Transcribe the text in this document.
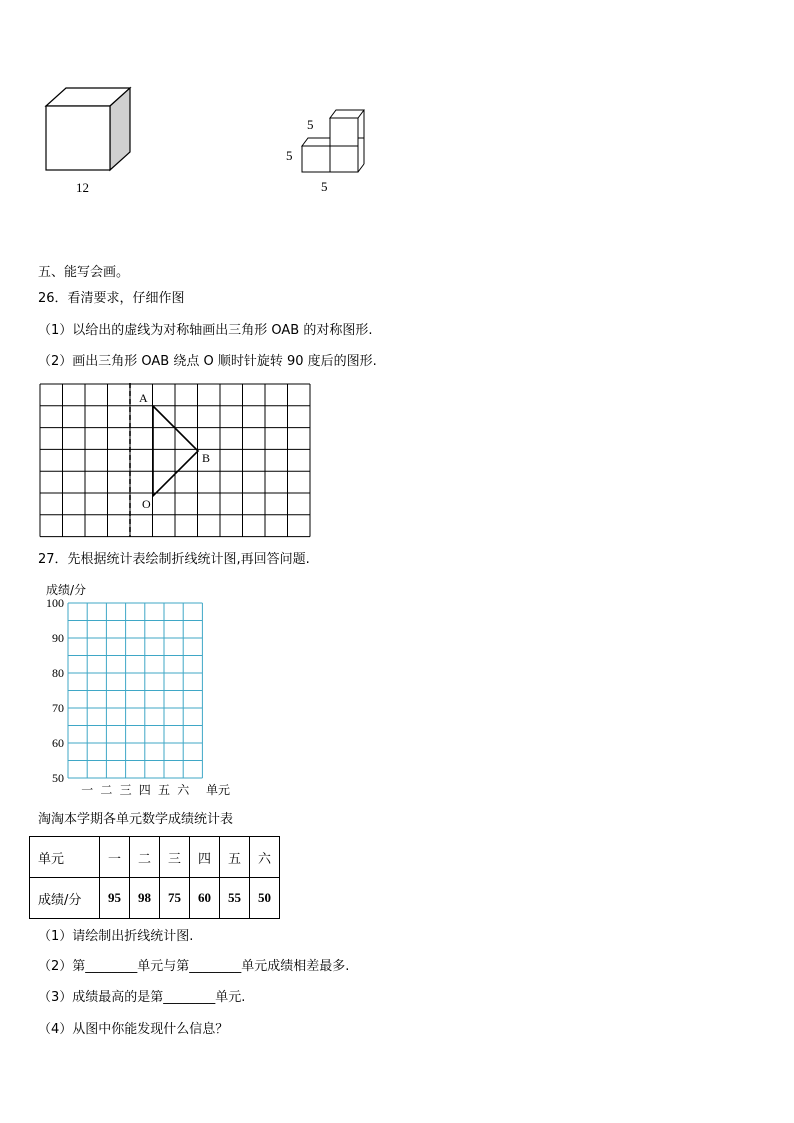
12
5
5
5
五、能写会画。
26．看清要求，仔细作图
（1）以给出的虚线为对称轴画出三角形 OAB 的对称图形.
（2）画出三角形 OAB 绕点 O 顺时针旋转 90 度后的图形.
A
B
O
27．先根据统计表绘制折线统计图,再回答问题.
成绩/分
100
90
80
70
60
50
一 二 三 四 五 六 单元
淘淘本学期各单元数学成绩统计表
单元	一	二	三	四	五	六
成绩/分	95	98	75	60	55	50
（1）请绘制出折线统计图.
（2）第________单元与第________单元成绩相差最多.
（3）成绩最高的是第________单元.
（4）从图中你能发现什么信息？
